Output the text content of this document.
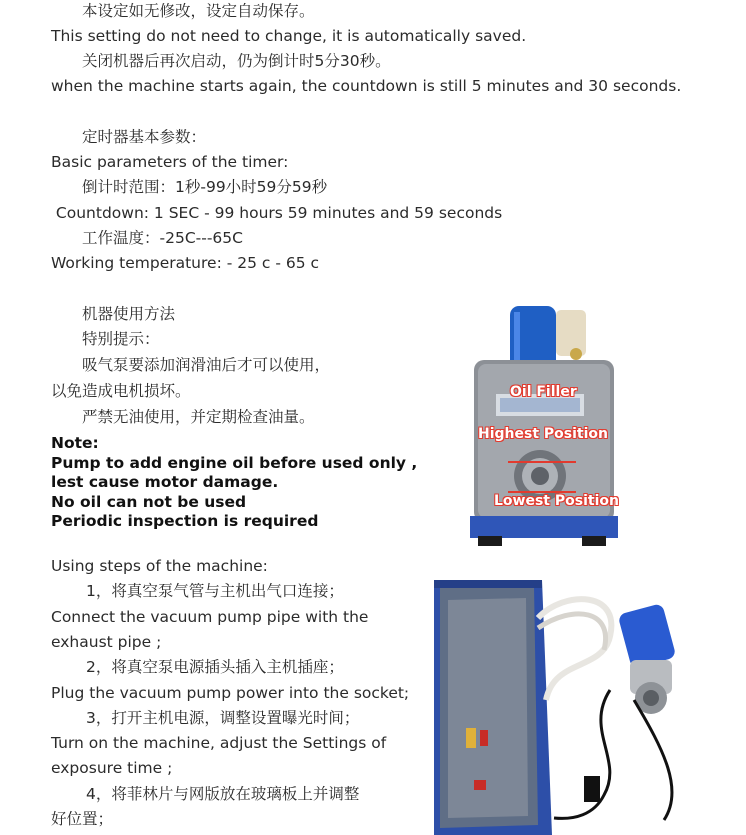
本设定如无修改，设定自动保存。
This setting do not need to change, it is automatically saved.
关闭机器后再次启动，仍为倒计时5分30秒。
when the machine starts again, the countdown is still 5 minutes and 30 seconds.
定时器基本参数：
Basic parameters of the timer:
倒计时范围：1秒-99小时59分59秒
Countdown: 1 SEC - 99 hours 59 minutes and 59 seconds
工作温度：-25C---65C
Working temperature: - 25 c - 65 c
机器使用方法
特别提示：
吸气泵要添加润滑油后才可以使用，
以免造成电机损坏。
严禁无油使用，并定期检查油量。
Note:
Pump to add engine oil before used only ,
lest cause motor damage.
No oil can not be used
Periodic inspection is required
Oil Filler
Highest Position
Lowest Position
Using steps of the machine:
1，将真空泵气管与主机出气口连接；
Connect the vacuum pump pipe with the
exhaust pipe ;
2，将真空泵电源插头插入主机插座；
Plug the vacuum pump power into the socket;
3，打开主机电源，调整设置曝光时间；
Turn on the machine, adjust the Settings of
exposure time ;
4，将菲林片与网版放在玻璃板上并调整
好位置；
